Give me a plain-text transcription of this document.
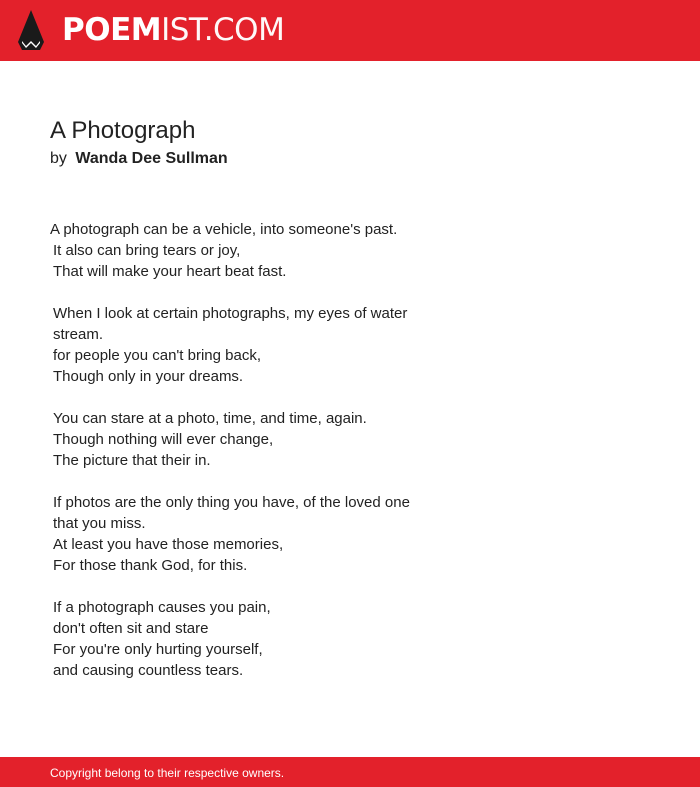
POEMIST.COM
A Photograph
by Wanda Dee Sullman
A photograph can be a vehicle, into someone's past.
It also can bring tears or joy,
That will make your heart beat fast.
When I look at certain photographs, my eyes of water
stream.
for people you can't bring back,
Though only in your dreams.
You can stare at a photo, time, and time, again.
Though nothing will ever change,
The picture that their in.
If photos are the only thing you have, of the loved one
that you miss.
At least you have those memories,
For those thank God, for this.
If a photograph causes you pain,
don't often sit and stare
For you're only hurting yourself,
and causing countless tears.
Copyright belong to their respective owners.
